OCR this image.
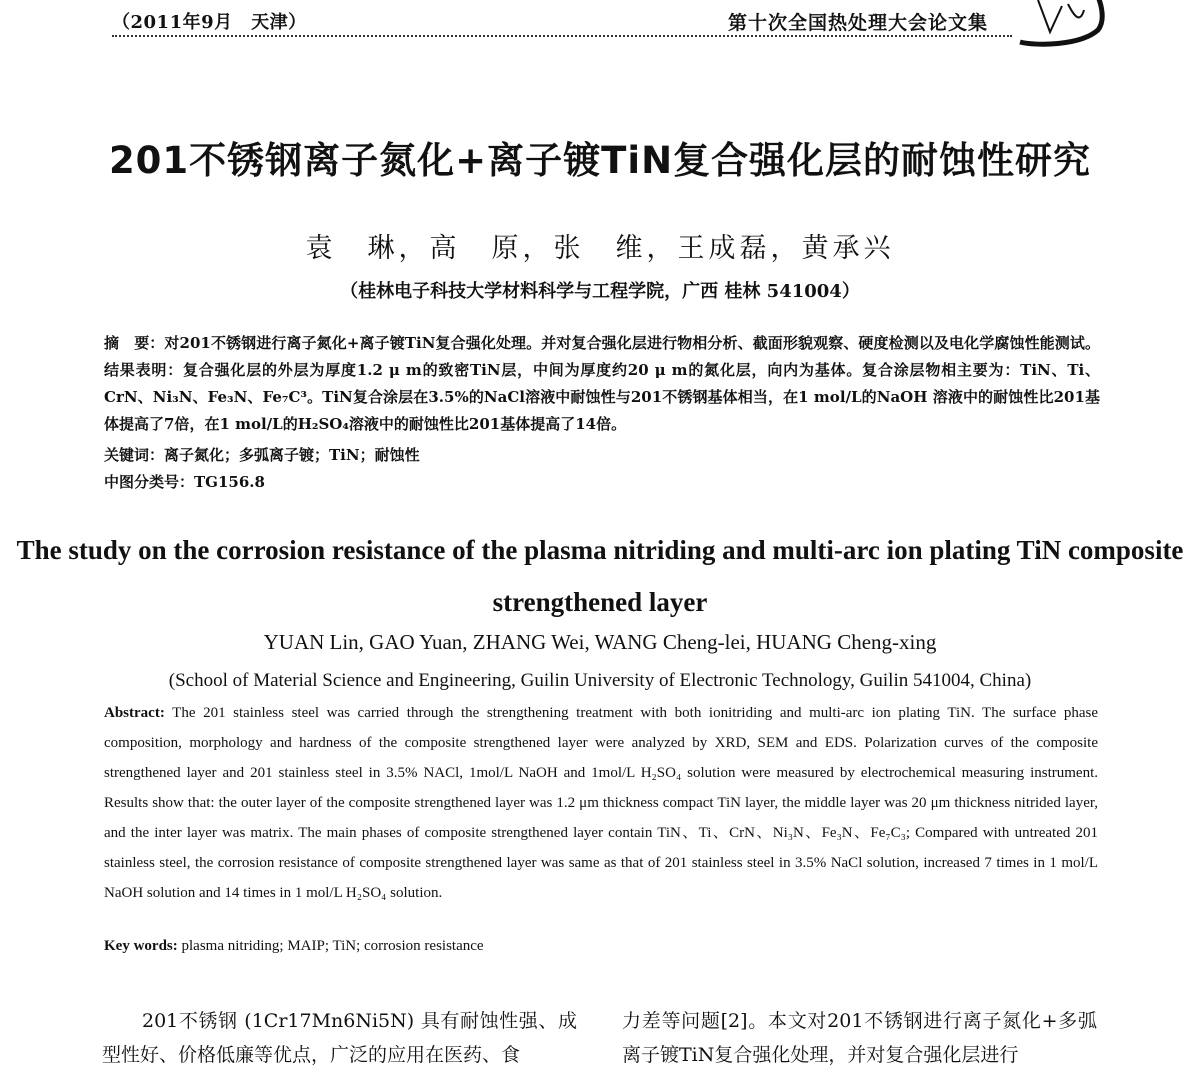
（2011年9月　天津）	第十次全国热处理大会论文集
201不锈钢离子氮化+离子镀TiN复合强化层的耐蚀性研究
袁　琳，高　原，张　维，王成磊，黄承兴
（桂林电子科技大学材料科学与工程学院，广西 桂林 541004）
摘　要：对201不锈钢进行离子氮化+离子镀TiN复合强化处理。并对复合强化层进行物相分析、截面形貌观察、硬度检测以及电化学腐蚀性能测试。结果表明：复合强化层的外层为厚度1.2 μ m的致密TiN层，中间为厚度约20 μ m的氮化层，向内为基体。复合涂层物相主要为：TiN、Ti、CrN、Ni₃N、Fe₃N、Fe₇C³。TiN复合涂层在3.5%的NaCl溶液中耐蚀性与201不锈钢基体相当，在1 mol/L的NaOH 溶液中的耐蚀性比201基体提高了7倍，在1 mol/L的H₂SO₄溶液中的耐蚀性比201基体提高了14倍。
关键词：离子氮化；多弧离子镀；TiN；耐蚀性
中图分类号：TG156.8
The study on the corrosion resistance of the plasma nitriding and multi-arc ion plating TiN composite strengthened layer
YUAN Lin, GAO Yuan, ZHANG Wei, WANG Cheng-lei, HUANG Cheng-xing
(School of Material Science and Engineering, Guilin University of Electronic Technology, Guilin 541004, China)
Abstract: The 201 stainless steel was carried through the strengthening treatment with both ionitriding and multi-arc ion plating TiN. The surface phase composition, morphology and hardness of the composite strengthened layer were analyzed by XRD, SEM and EDS. Polarization curves of the composite strengthened layer and 201 stainless steel in 3.5% NACl, 1mol/L NaOH and 1mol/L H₂SO₄ solution were measured by electrochemical measuring instrument. Results show that: the outer layer of the composite strengthened layer was 1.2 μm thickness compact TiN layer, the middle layer was 20 μm thickness nitrided layer, and the inter layer was matrix. The main phases of composite strengthened layer contain TiN、Ti、CrN、Ni₃N、Fe₃N、Fe₇C₃; Compared with untreated 201 stainless steel, the corrosion resistance of composite strengthened layer was same as that of 201 stainless steel in 3.5% NaCl solution, increased 7 times in 1 mol/L NaOH solution and 14 times in 1 mol/L H₂SO₄ solution.
Key words: plasma nitriding; MAIP; TiN; corrosion resistance
201不锈钢 (1Cr17Mn6Ni5N) 具有耐蚀性强、成型性好、价格低廉等优点，广泛的应用在医药、食
力差等问题[2]。本文对201不锈钢进行离子氮化+多弧离子镀TiN复合强化处理，并对复合强化层进行
